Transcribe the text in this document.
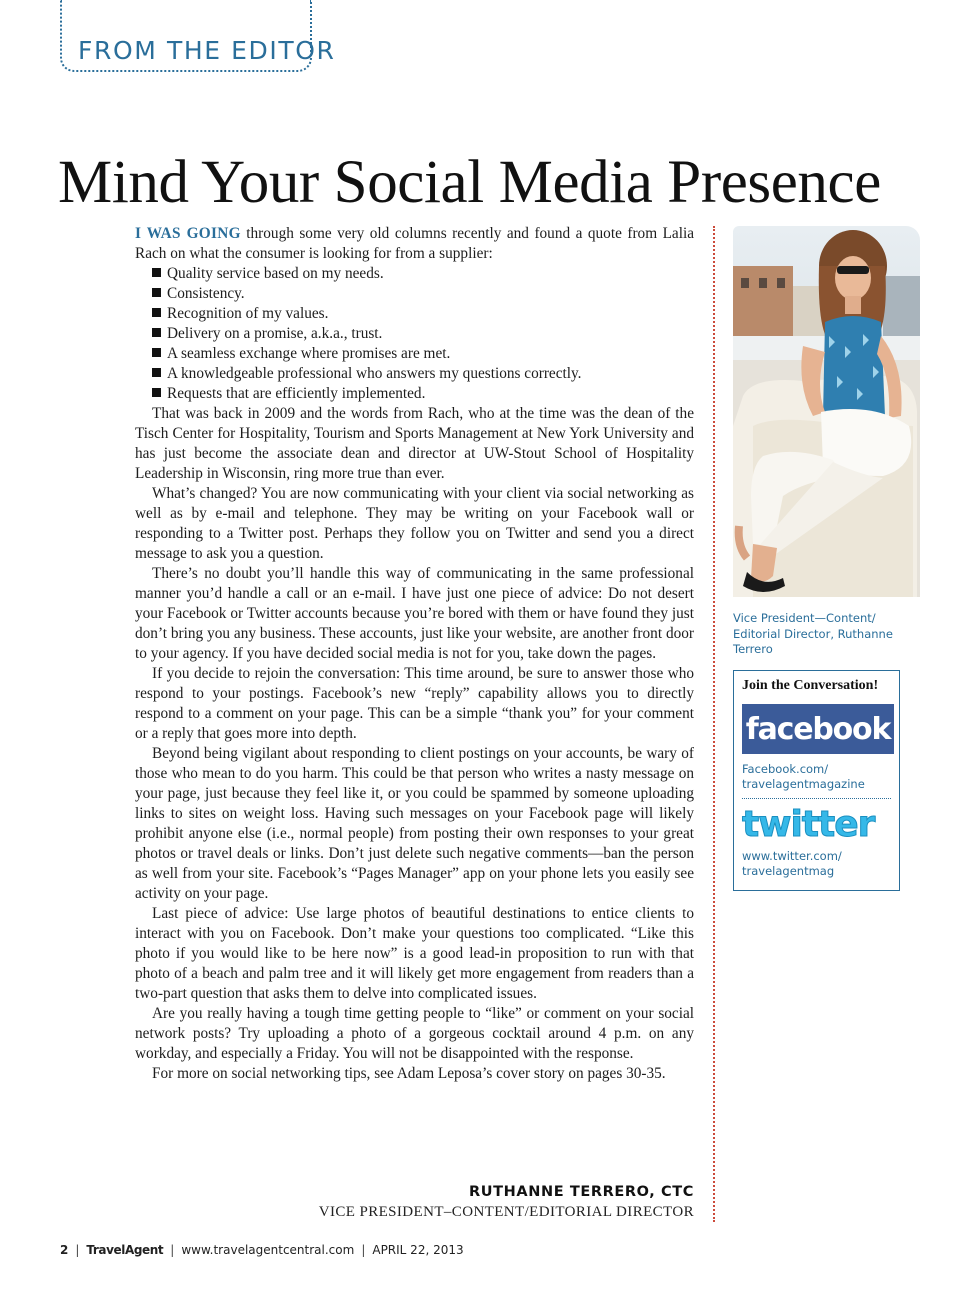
FROM THE EDITOR
Mind Your Social Media Presence

I WAS GOING through some very old columns recently and found a quote from Lalia Rach on what the consumer is looking for from a supplier:

Quality service based on my needs.
Consistency.
Recognition of my values.
Delivery on a promise, a.k.a., trust.
A seamless exchange where promises are met.
A knowledgeable professional who answers my questions correctly.
Requests that are efficiently implemented.

That was back in 2009 and the words from Rach, who at the time was the dean of the Tisch Center for Hospitality, Tourism and Sports Management at New York University and has just become the associate dean and director at UW-Stout School of Hospitality Leadership in Wisconsin, ring more true than ever.

What’s changed? You are now communicating with your client via social networking as well as by e-mail and telephone. They may be writing on your Facebook wall or responding to a Twitter post. Perhaps they follow you on Twitter and send you a direct message to ask you a question.

There’s no doubt you’ll handle this way of communicating in the same professional manner you’d handle a call or an e-mail. I have just one piece of advice: Do not desert your Facebook or Twitter accounts because you’re bored with them or have found they just don’t bring you any business. These accounts, just like your website, are another front door to your agency. If you have decided social media is not for you, take down the pages.

If you decide to rejoin the conversation: This time around, be sure to answer those who respond to your postings. Facebook’s new “reply” capability allows you to directly respond to a comment on your page. This can be a simple “thank you” for your comment or a reply that goes more into depth.

Beyond being vigilant about responding to client postings on your accounts, be wary of those who mean to do you harm. This could be that person who writes a nasty message on your page, just because they feel like it, or you could be spammed by someone uploading links to sites on weight loss. Having such messages on your Facebook page will likely prohibit anyone else (i.e., normal people) from posting their own responses to your great photos or travel deals or links. Don’t just delete such negative comments—ban the person as well from your site. Facebook’s “Pages Manager” app on your phone lets you easily see activity on your page.

Last piece of advice: Use large photos of beautiful destinations to entice clients to interact with you on Facebook. Don’t make your questions too complicated. “Like this photo if you would like to be here now” is a good lead-in proposition to run with that photo of a beach and palm tree and it will likely get more engagement from readers than a two-part question that asks them to delve into complicated issues.

Are you really having a tough time getting people to “like” or comment on your social network posts? Try uploading a photo of a gorgeous cocktail around 4 p.m. on any workday, and especially a Friday. You will not be disappointed with the response.

For more on social networking tips, see Adam Leposa’s cover story on pages 30-35.

RUTHANNE TERRERO, CTC
VICE PRESIDENT–CONTENT/EDITORIAL DIRECTOR
Vice President—Content/ Editorial Director, Ruthanne Terrero

Join the Conversation!

facebook
Facebook.com/ travelagentmagazine
twitter
www.twitter.com/ travelagentmag
2 | TravelAgent | www.travelagentcentral.com | APRIL 22, 2013
